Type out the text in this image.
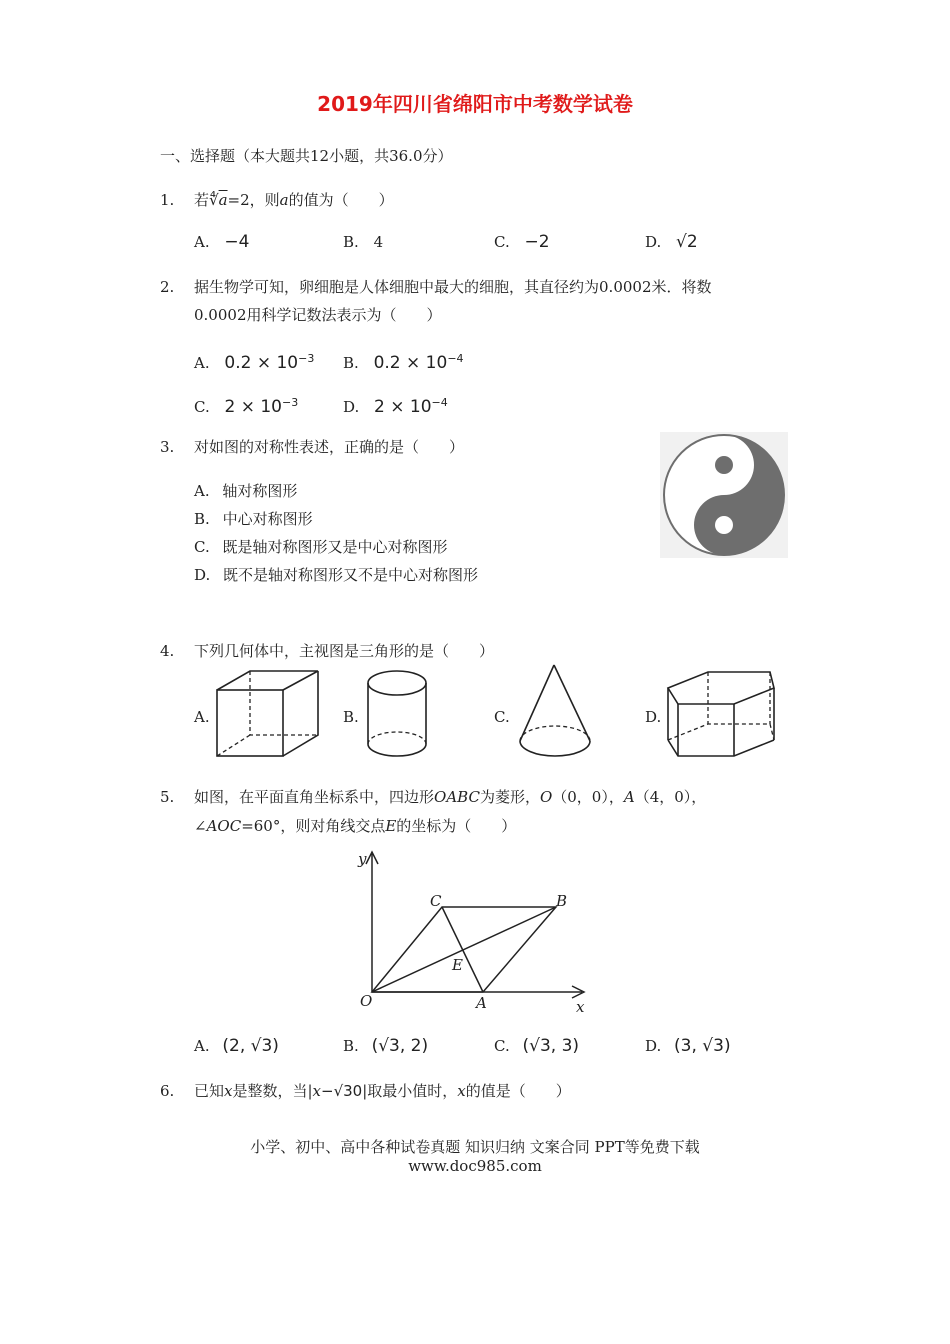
2019年四川省绵阳市中考数学试卷
一、选择题（本大题共12小题，共36.0分）
1. 若$∜\overline{a}=2$，则a的值为（　　）
A. −4	B. 4	C. −2	D. √2
2. 据生物学可知，卵细胞是人体细胞中最大的细胞，其直径约为0.0002米．将数
0.0002用科学记数法表示为（　　）
A. $0.2 \times 10^{-3}$ B. $0.2 \times 10^{-4}$
C. $2 \times 10^{-3}$	D. $2 \times 10^{-4}$
3. 对如图的对称性表述，正确的是（　　）
A. 轴对称图形
B. 中心对称图形
C. 既是轴对称图形又是中心对称图形
D. 既不是轴对称图形又不是中心对称图形
4. 下列几何体中，主视图是三角形的是（　　）
A.	B.	C.	D.
5. 如图，在平面直角坐标系中，四边形OABC为菱形，O（0，0），A（4，0），
∠AOC=60°，则对角线交点E的坐标为（　　）
y
x
O	A
B
C
E
A. (2, √3)	B. (√3, 2)	C. (√3, 3)	D. (3, √3)
6. 已知x是整数，当|x−√30|取最小值时，x的值是（　　）
小学、初中、高中各种试卷真题 知识归纳 文案合同 PPT等免费下载
www.doc985.com
